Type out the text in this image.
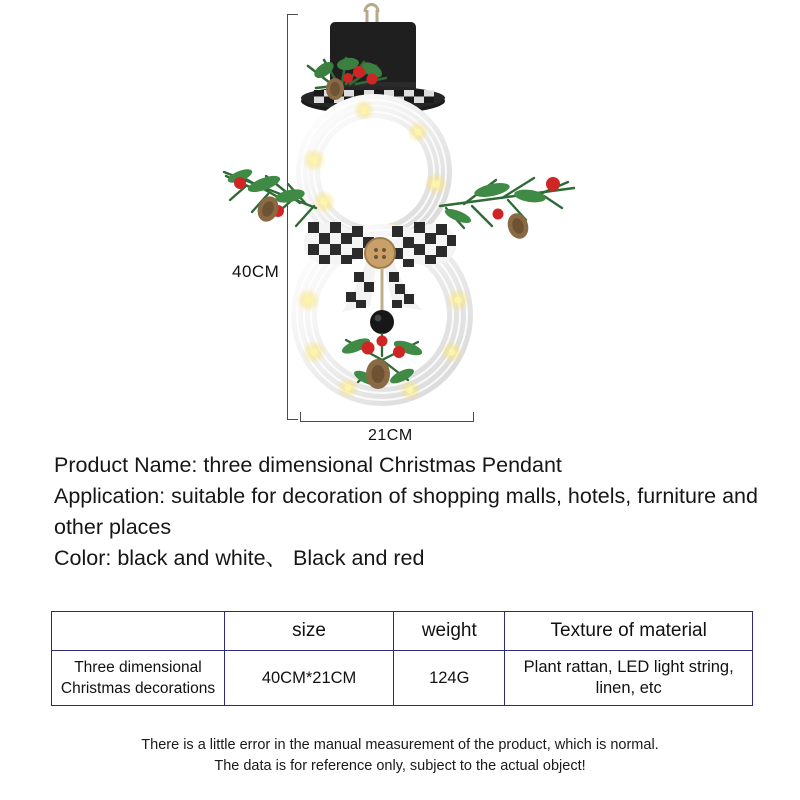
40CM
21CM
Product Name: three dimensional Christmas Pendant
Application: suitable for decoration of shopping malls, hotels, furniture and other places
Color: black and white、 Black and red
	size	weight	Texture of material
Three dimensional Christmas decorations	40CM*21CM	124G	Plant rattan, LED light string, linen, etc
There is a little error in the manual measurement of the product, which is normal.
The data is for reference only, subject to the actual object!
